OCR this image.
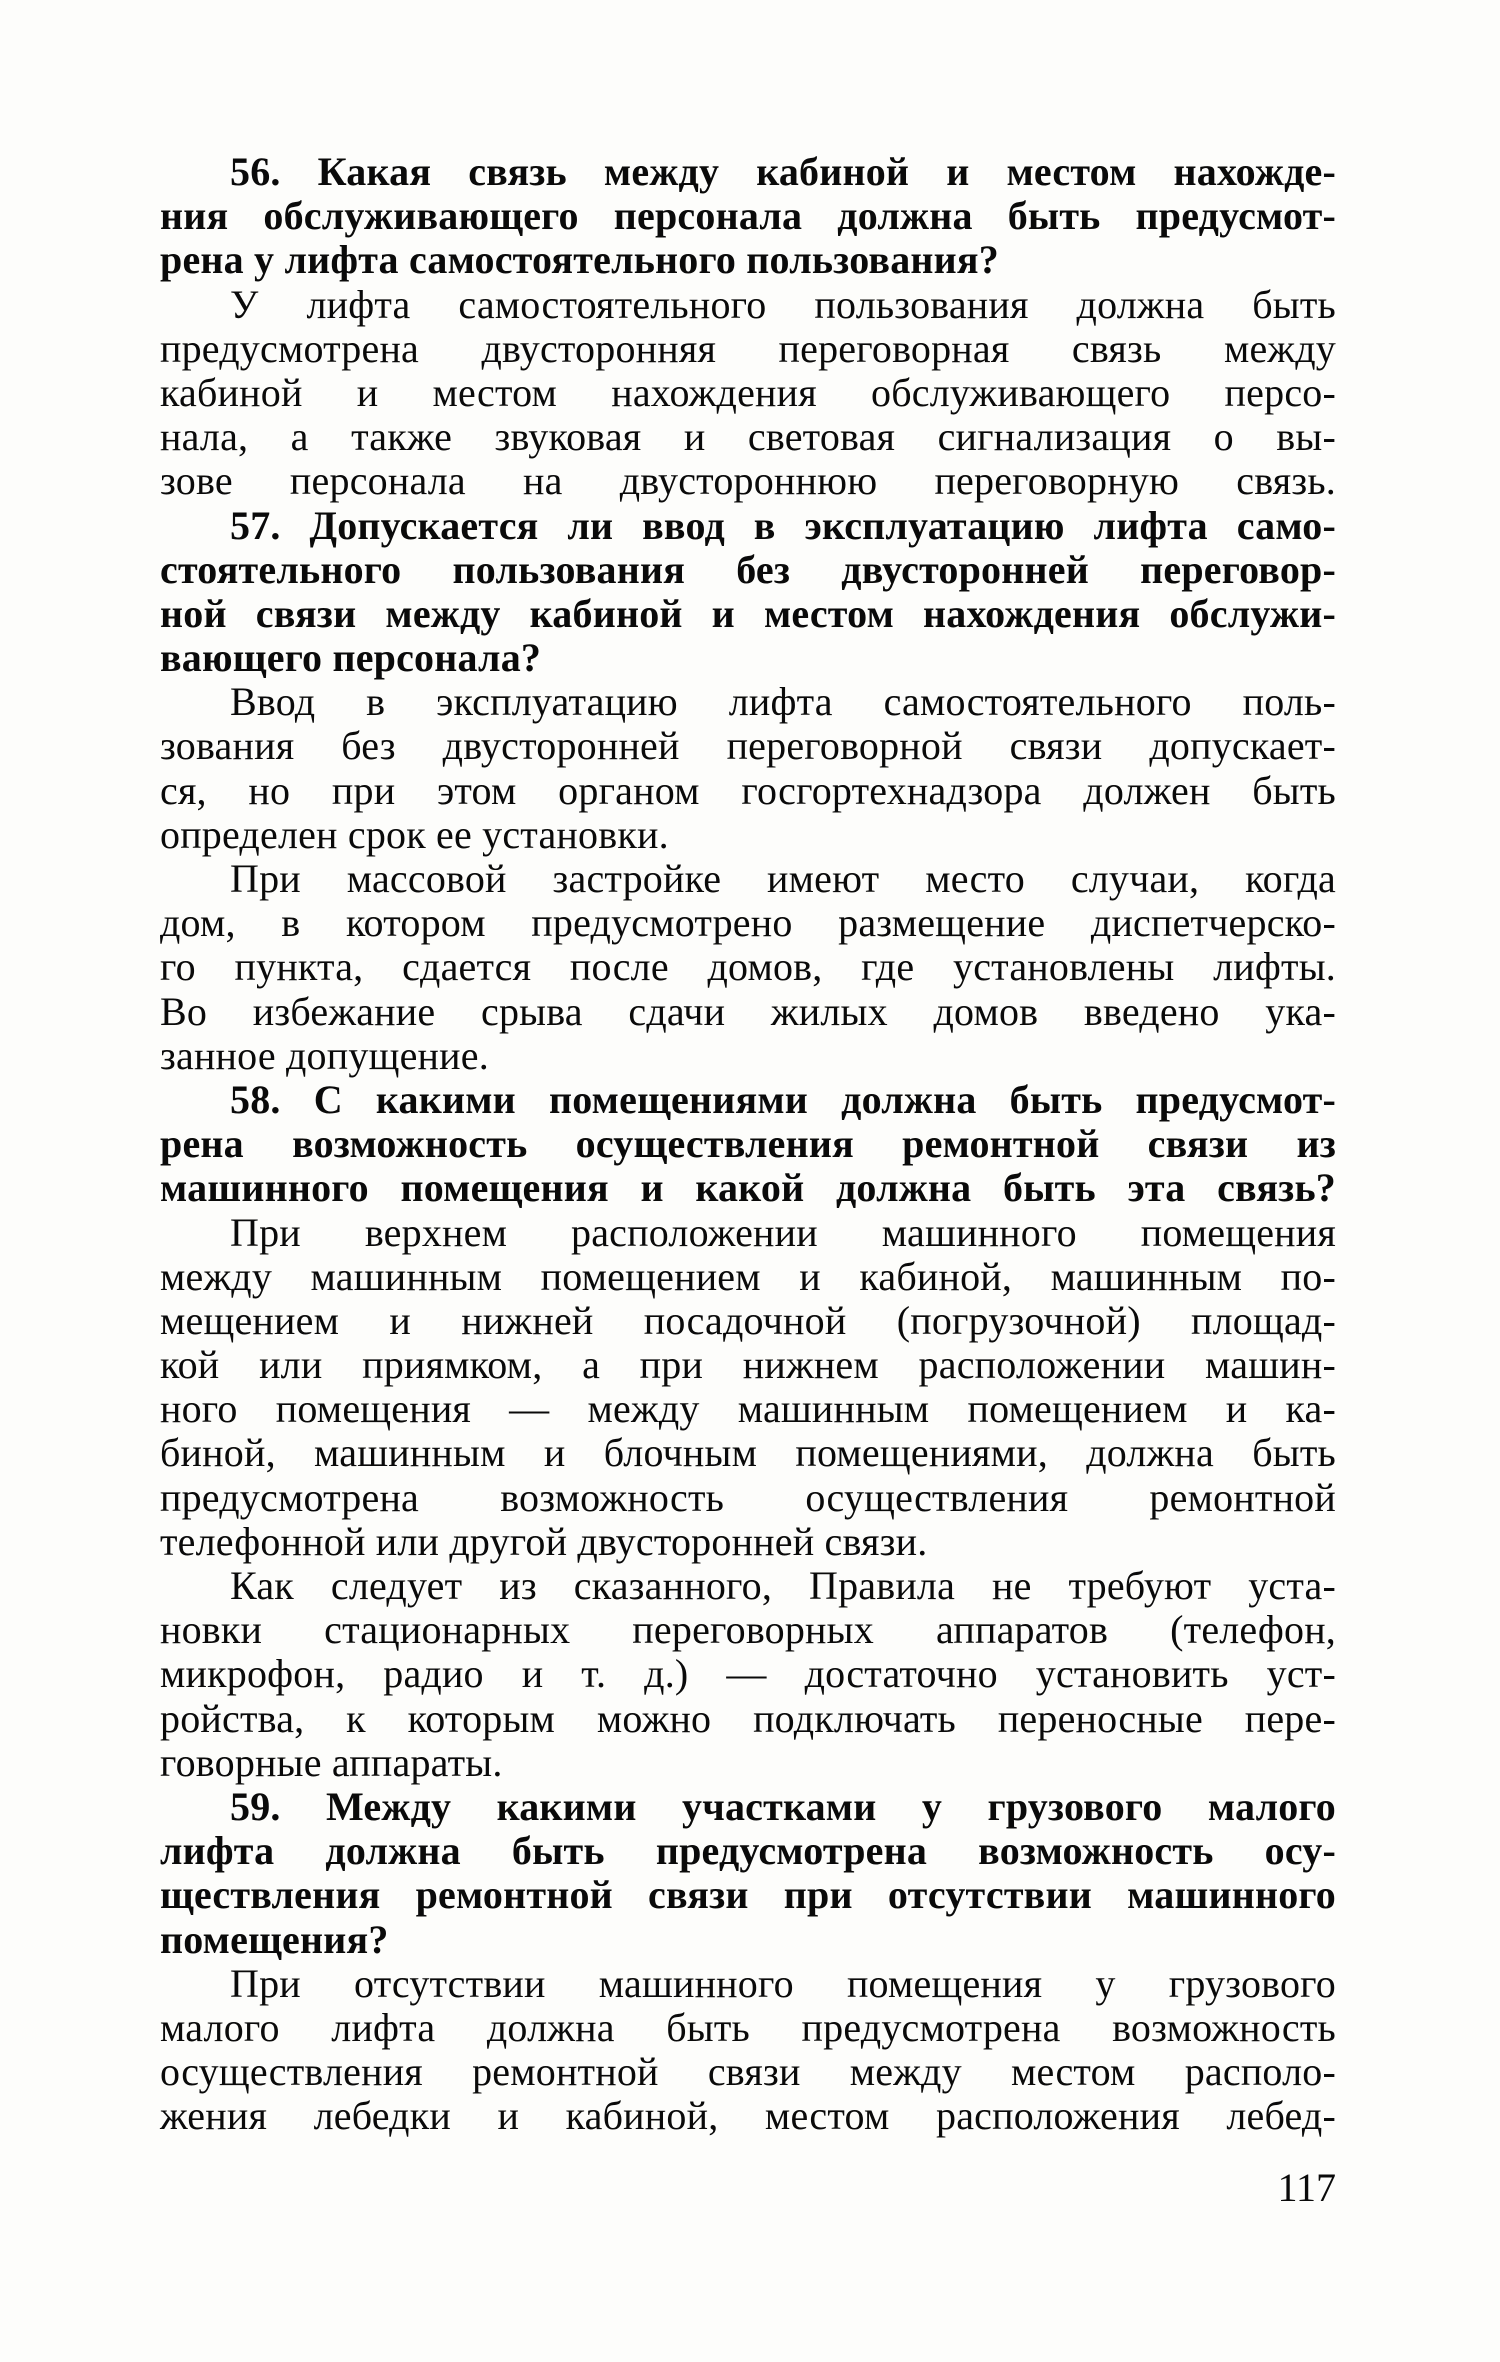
56. Какая связь между кабиной и местом нахожде-
ния обслуживающего персонала должна быть предусмот-
рена у лифта самостоятельного пользования?
У лифта самостоятельного пользования должна быть
предусмотрена двусторонняя переговорная связь между
кабиной и местом нахождения обслуживающего персо-
нала, а также звуковая и световая сигнализация о вы-
зове персонала на двустороннюю переговорную связь.
57. Допускается ли ввод в эксплуатацию лифта само-
стоятельного пользования без двусторонней переговор-
ной связи между кабиной и местом нахождения обслужи-
вающего персонала?
Ввод в эксплуатацию лифта самостоятельного поль-
зования без двусторонней переговорной связи допускает-
ся, но при этом органом госгортехнадзора должен быть
определен срок ее установки.
При массовой застройке имеют место случаи, когда
дом, в котором предусмотрено размещение диспетчерско-
го пункта, сдается после домов, где установлены лифты.
Во избежание срыва сдачи жилых домов введено ука-
занное допущение.
58. С какими помещениями должна быть предусмот-
рена возможность осуществления ремонтной связи из
машинного помещения и какой должна быть эта связь?
При верхнем расположении машинного помещения
между машинным помещением и кабиной, машинным по-
мещением и нижней посадочной (погрузочной) площад-
кой или приямком, а при нижнем расположении машин-
ного помещения — между машинным помещением и ка-
биной, машинным и блочным помещениями, должна быть
предусмотрена возможность осуществления ремонтной
телефонной или другой двусторонней связи.
Как следует из сказанного, Правила не требуют уста-
новки стационарных переговорных аппаратов (телефон,
микрофон, радио и т. д.) — достаточно установить уст-
ройства, к которым можно подключать переносные пере-
говорные аппараты.
59. Между какими участками у грузового малого
лифта должна быть предусмотрена возможность осу-
ществления ремонтной связи при отсутствии машинного
помещения?
При отсутствии машинного помещения у грузового
малого лифта должна быть предусмотрена возможность
осуществления ремонтной связи между местом располо-
жения лебедки и кабиной, местом расположения лебед-
117
